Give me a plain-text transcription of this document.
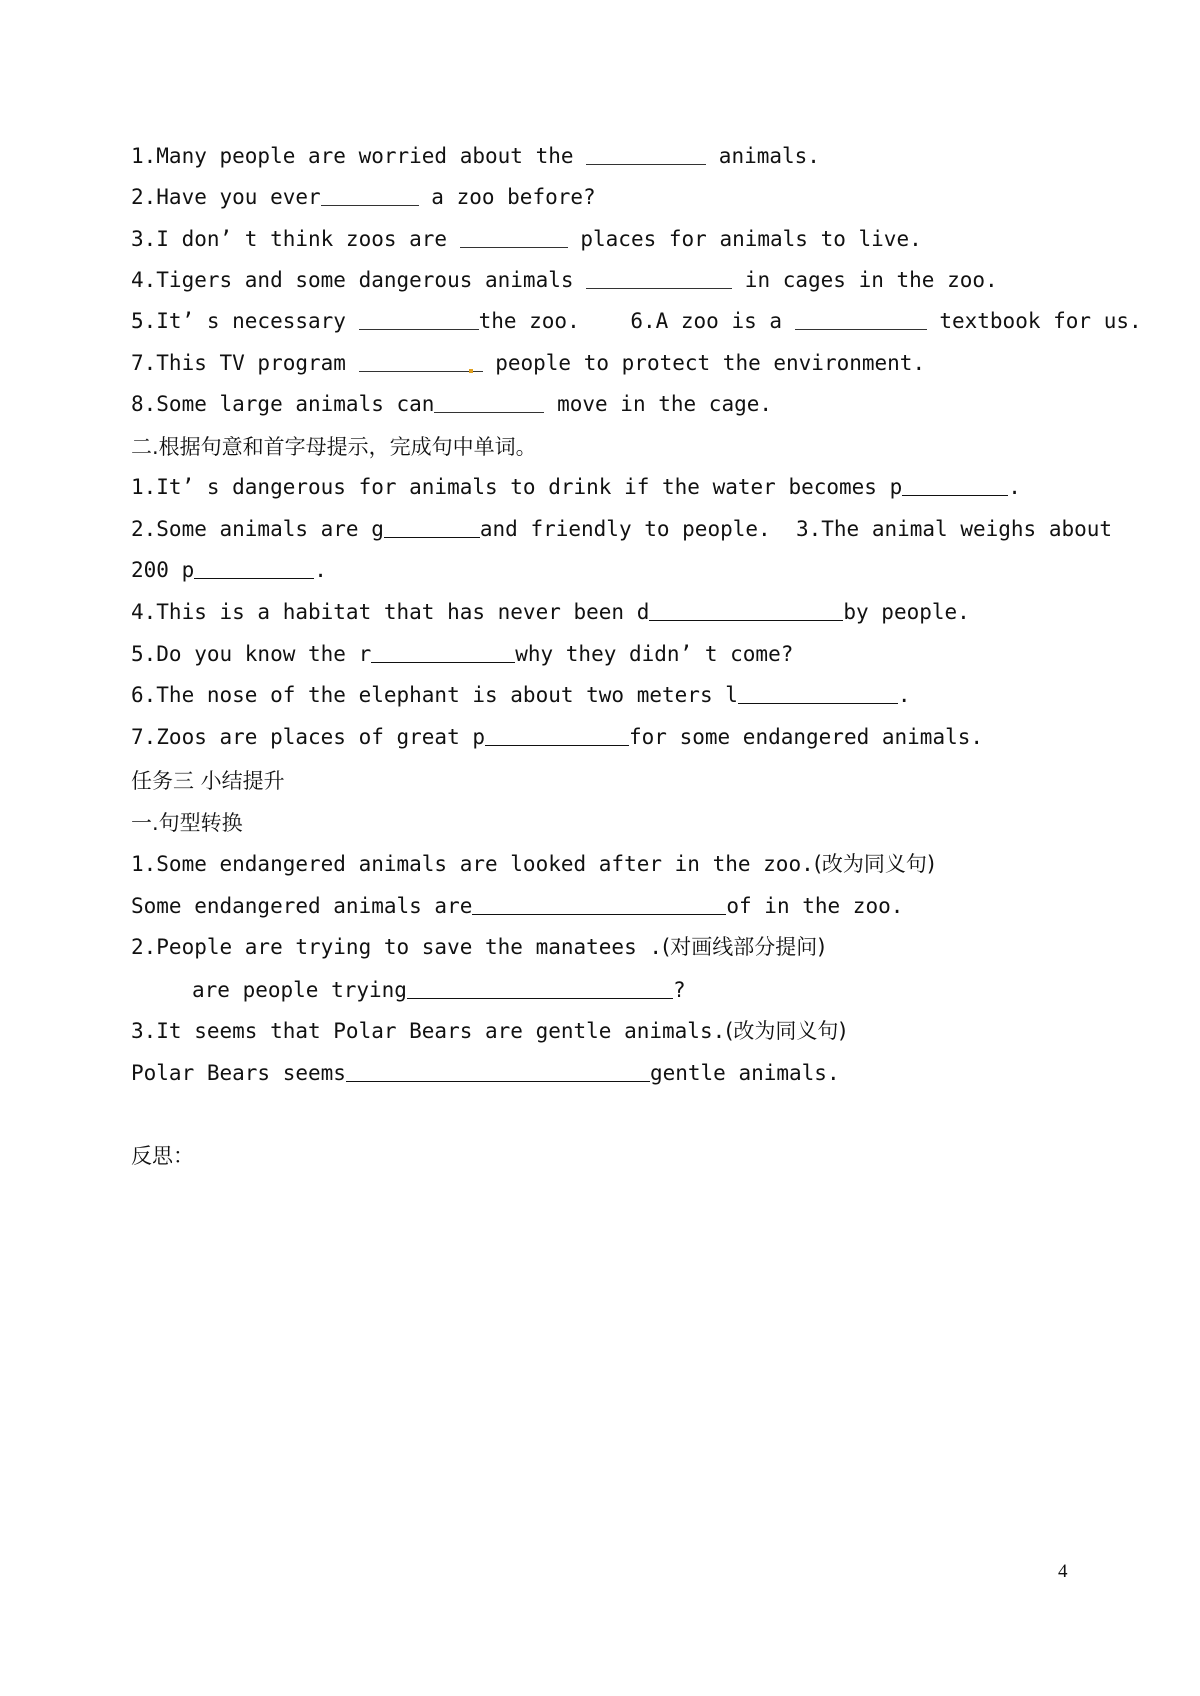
1.Many people are worried about the	animals.
2.Have you ever	a zoo before?
3.I don’ t think zoos are	places for animals to live.
4.Tigers and some dangerous animals	in cages in the zoo.
5.It’ s necessary	the zoo. 6.A zoo is a	textbook for us.
7.This TV program	people to protect the environment.
8.Some large animals can	move in the cage.
二.根据句意和首字母提示，完成句中单词。
1.It’ s dangerous for animals to drink if the water becomes p	.
2.Some animals are g	and friendly to people. 3.The animal weighs about
200 p	.
4.This is a habitat that has never been d	by people.
5.Do you know the r	why they didn’ t come?
6.The nose of the elephant is about two meters l	.
7.Zoos are places of great p	for some endangered animals.
任务三 小结提升
一.句型转换
1.Some endangered animals are looked after in the zoo.(改为同义句)
Some endangered animals are	of in the zoo.
2.People are trying to save the manatees .(对画线部分提问)
are people trying	?
3.It seems that Polar Bears are gentle animals.(改为同义句)
Polar Bears seems	gentle animals.
反思：
4
